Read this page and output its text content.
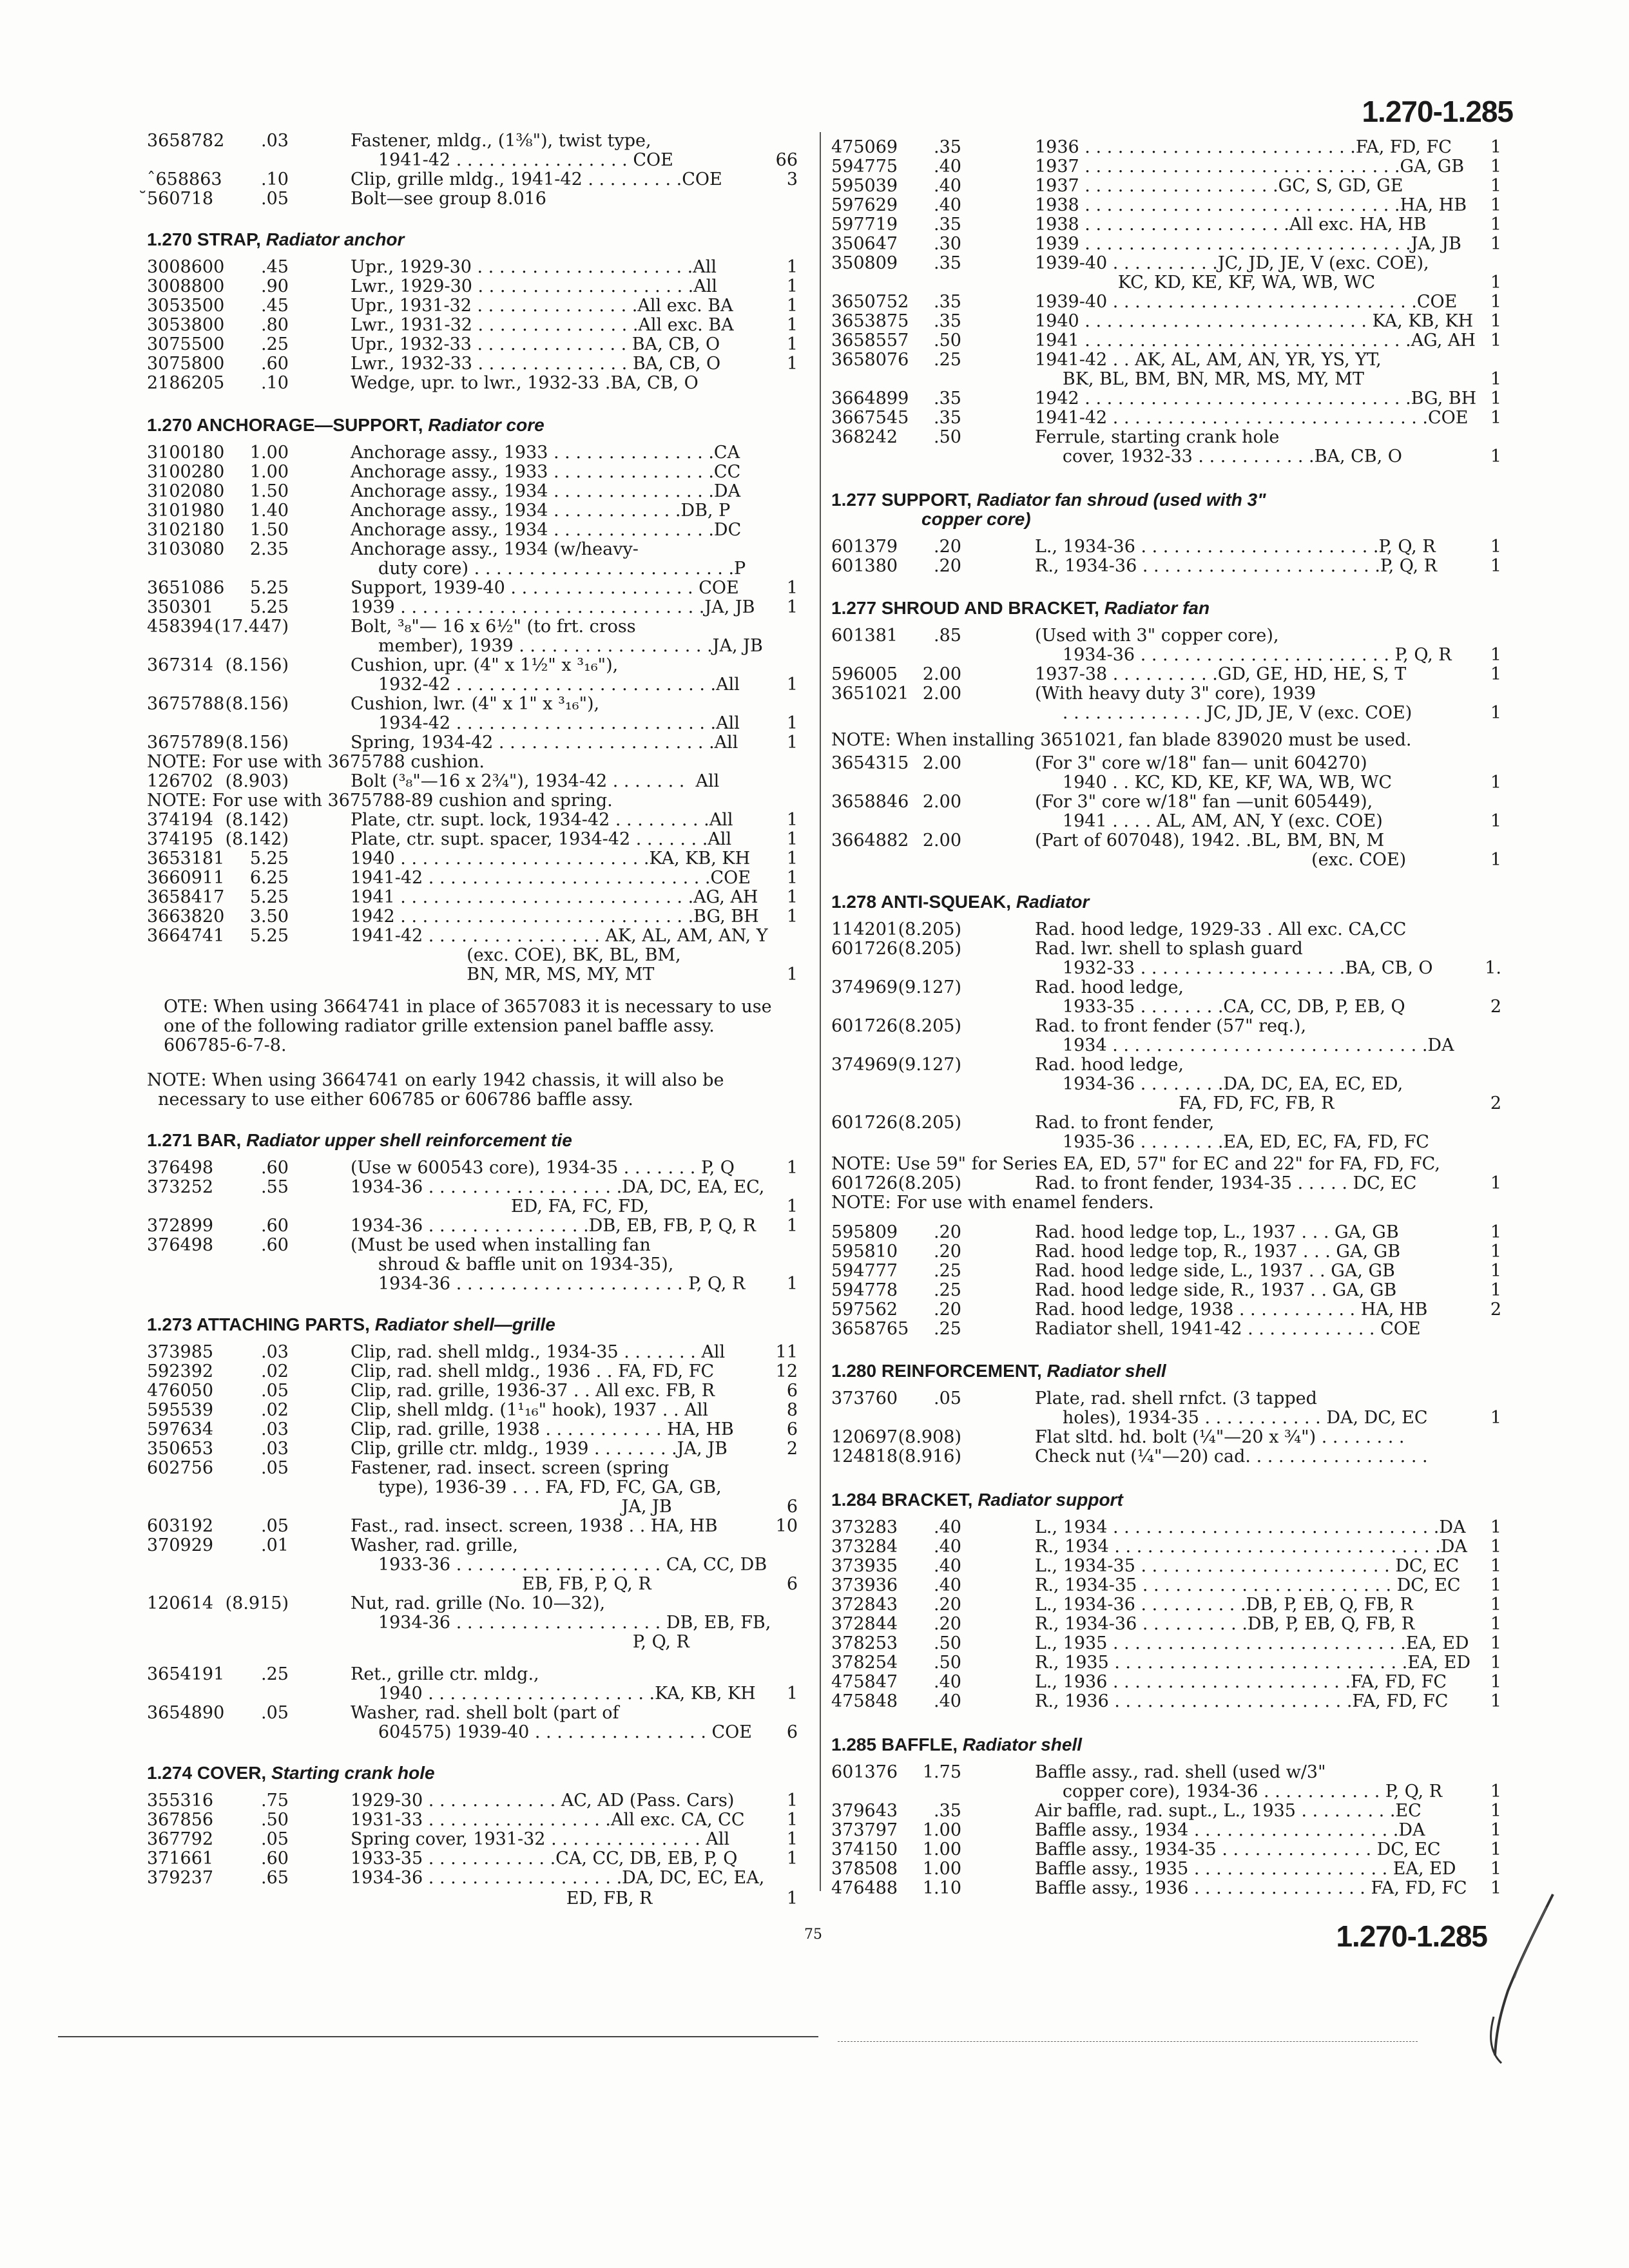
1.270-1.285
3658782	.03	Fastener, mldg., (1⅜"), twist type,
1941-42 . . . . . . . . . . . . . . . . COE	66
ˆ658863	.10	Clip, grille mldg., 1941-42 . . . . . . . . .COE	3
̆560718	.05	Bolt—see group 8.016
1.270 STRAP, Radiator anchor
3008600	.45	Upr., 1929-30 . . . . . . . . . . . . . . . . . . . .All	1
3008800	.90	Lwr., 1929-30 . . . . . . . . . . . . . . . . . . . .All	1
3053500	.45	Upr., 1931-32 . . . . . . . . . . . . . . .All exc. BA	1
3053800	.80	Lwr., 1931-32 . . . . . . . . . . . . . . .All exc. BA	1
3075500	.25	Upr., 1932-33 . . . . . . . . . . . . . . BA, CB, O	1
3075800	.60	Lwr., 1932-33 . . . . . . . . . . . . . . BA, CB, O	1
2186205	.10	Wedge, upr. to lwr., 1932-33 .BA, CB, O
1.270 ANCHORAGE—SUPPORT, Radiator core
3100180	1.00	Anchorage assy., 1933 . . . . . . . . . . . . . . .CA
3100280	1.00	Anchorage assy., 1933 . . . . . . . . . . . . . . .CC
3102080	1.50	Anchorage assy., 1934 . . . . . . . . . . . . . . .DA
3101980	1.40	Anchorage assy., 1934 . . . . . . . . . . . .DB, P
3102180	1.50	Anchorage assy., 1934 . . . . . . . . . . . . . . .DC
3103080	2.35	Anchorage assy., 1934 (w/heavy-
duty core) . . . . . . . . . . . . . . . . . . . . . . . .P
3651086	5.25	Support, 1939-40 . . . . . . . . . . . . . . . . . COE	1
350301	5.25	1939 . . . . . . . . . . . . . . . . . . . . . . . . . . . .JA, JB	1
458394 (17.447)	Bolt, ³₈"— 16 x 6½" (to frt. cross
member), 1939 . . . . . . . . . . . . . . . . . .JA, JB
367314 (8.156)	Cushion, upr. (4" x 1½" x ³₁₆"),
1932-42 . . . . . . . . . . . . . . . . . . . . . . . .All	1
3675788 (8.156)	Cushion, lwr. (4" x 1" x ³₁₆"),
1934-42 . . . . . . . . . . . . . . . . . . . . . . . .All	1
3675789 (8.156)	Spring, 1934-42 . . . . . . . . . . . . . . . . . . . .All	1
NOTE: For use with 3675788 cushion.
126702 (8.903)	Bolt (³₈"—16 x 2¾"), 1934-42 . . . . . . .  All
NOTE: For use with 3675788-89 cushion and spring.
374194 (8.142)	Plate, ctr. supt. lock, 1934-42 . . . . . . . . .All	1
374195 (8.142)	Plate, ctr. supt. spacer, 1934-42 . . . . . . .All	1
3653181	5.25	1940 . . . . . . . . . . . . . . . . . . . . . . .KA, KB, KH	1
3660911	6.25	1941-42 . . . . . . . . . . . . . . . . . . . . . . . . . .COE	1
3658417	5.25	1941 . . . . . . . . . . . . . . . . . . . . . . . . . . .AG, AH	1
3663820	3.50	1942 . . . . . . . . . . . . . . . . . . . . . . . . . . .BG, BH	1
3664741	5.25	1941-42 . . . . . . . . . . . . . . . . AK, AL, AM, AN, Y
(exc. COE), BK, BL, BM,
BN, MR, MS, MY, MT	1
OTE: When using 3664741 in place of 3657083 it is necessary to use
one of the following radiator grille extension panel baffle assy.
606785-6-7-8.
NOTE: When using 3664741 on early 1942 chassis, it will also be
necessary to use either 606785 or 606786 baffle assy.
1.271 BAR, Radiator upper shell reinforcement tie
376498	.60	(Use w 600543 core), 1934-35 . . . . . . . P, Q	1
373252	.55	1934-36 . . . . . . . . . . . . . . . . . .DA, DC, EA, EC,
ED, FA, FC, FD,	1
372899	.60	1934-36 . . . . . . . . . . . . . . .DB, EB, FB, P, Q, R	1
376498	.60	(Must be used when installing fan
shroud & baffle unit on 1934-35),
1934-36 . . . . . . . . . . . . . . . . . . . . . P, Q, R	1
1.273 ATTACHING PARTS, Radiator shell—grille
373985	.03	Clip, rad. shell mldg., 1934-35 . . . . . . . All	11
592392	.02	Clip, rad. shell mldg., 1936 . . FA, FD, FC	12
476050	.05	Clip, rad. grille, 1936-37 . . All exc. FB, R	6
595539	.02	Clip, shell mldg. (1¹₁₆" hook), 1937 . . All	8
597634	.03	Clip, rad. grille, 1938 . . . . . . . . . . . HA, HB	6
350653	.03	Clip, grille ctr. mldg., 1939 . . . . . . . .JA, JB	2
602756	.05	Fastener, rad. insect. screen (spring
type), 1936-39 . . . FA, FD, FC, GA, GB,
JA, JB	6
603192	.05	Fast., rad. insect. screen, 1938 . . HA, HB	10
370929	.01	Washer, rad. grille,
1933-36 . . . . . . . . . . . . . . . . . . . CA, CC, DB
EB, FB, P, Q, R	6
120614 (8.915)	Nut, rad. grille (No. 10—32),
1934-36 . . . . . . . . . . . . . . . . . . . DB, EB, FB,
P, Q, R
3654191	.25	Ret., grille ctr. mldg.,
1940 . . . . . . . . . . . . . . . . . . . . .KA, KB, KH	1
3654890	.05	Washer, rad. shell bolt (part of
604575) 1939-40 . . . . . . . . . . . . . . . . COE	6
1.274 COVER, Starting crank hole
355316	.75	1929-30 . . . . . . . . . . . . AC, AD (Pass. Cars)	1
367856	.50	1931-33 . . . . . . . . . . . . . . . . .All exc. CA, CC	1
367792	.05	Spring cover, 1931-32 . . . . . . . . . . . . . . All	1
371661	.60	1933-35 . . . . . . . . . . . .CA, CC, DB, EB, P, Q	1
379237	.65	1934-36 . . . . . . . . . . . . . . . . . .DA, DC, EC, EA,
ED, FB, R	1
475069	.35	1936 . . . . . . . . . . . . . . . . . . . . . . . . .FA, FD, FC	1
594775	.40	1937 . . . . . . . . . . . . . . . . . . . . . . . . . . . . .GA, GB	1
595039	.40	1937 . . . . . . . . . . . . . . . . . .GC, S, GD, GE	1
597629	.40	1938 . . . . . . . . . . . . . . . . . . . . . . . . . . . . .HA, HB	1
597719	.35	1938 . . . . . . . . . . . . . . . . . . .All exc. HA, HB	1
350647	.30	1939 . . . . . . . . . . . . . . . . . . . . . . . . . . . . . .JA, JB	1
350809	.35	1939-40 . . . . . . . . . .JC, JD, JE, V (exc. COE),
KC, KD, KE, KF, WA, WB, WC	1
3650752	.35	1939-40 . . . . . . . . . . . . . . . . . . . . . . . . . . . .COE	1
3653875	.35	1940 . . . . . . . . . . . . . . . . . . . . . . . . . . KA, KB, KH 1
3658557	.50	1941 . . . . . . . . . . . . . . . . . . . . . . . . . . . . . .AG, AH 1
3658076	.25	1941-42 . . AK, AL, AM, AN, YR, YS, YT,
BK, BL, BM, BN, MR, MS, MY, MT	1
3664899	.35	1942 . . . . . . . . . . . . . . . . . . . . . . . . . . . . . .BG, BH 1
3667545	.35	1941-42 . . . . . . . . . . . . . . . . . . . . . . . . . . . . .COE	1
368242	.50	Ferrule, starting crank hole
cover, 1932-33 . . . . . . . . . . .BA, CB, O	1
1.277 SUPPORT, Radiator fan shroud (used with 3"
copper core)
601379	.20	L., 1934-36 . . . . . . . . . . . . . . . . . . . . . .P, Q, R	1
601380	.20	R., 1934-36 . . . . . . . . . . . . . . . . . . . . . .P, Q, R	1
1.277 SHROUD AND BRACKET, Radiator fan
601381	.85	(Used with 3" copper core),
1934-36 . . . . . . . . . . . . . . . . . . . . . . . P, Q, R	1
596005	2.00	1937-38 . . . . . . . . . .GD, GE, HD, HE, S, T	1
3651021 2.00	(With heavy duty 3" core), 1939
. . . . . . . . . . . . . JC, JD, JE, V (exc. COE)	1
NOTE: When installing 3651021, fan blade 839020 must be used.
3654315 2.00	(For 3" core w/18" fan— unit 604270)
1940 . . KC, KD, KE, KF, WA, WB, WC	1
3658846 2.00	(For 3" core w/18" fan —unit 605449),
1941 . . . . AL, AM, AN, Y (exc. COE)	1
3664882 2.00	(Part of 607048), 1942. .BL, BM, BN, M
(exc. COE)	1
1.278 ANTI-SQUEAK, Radiator
114201 (8.205)	Rad. hood ledge, 1929-33 . All exc. CA,CC
601726 (8.205)	Rad. lwr. shell to splash guard
1932-33 . . . . . . . . . . . . . . . . . . .BA, CB, O	1.
374969 (9.127)	Rad. hood ledge,
1933-35 . . . . . . . .CA, CC, DB, P, EB, Q	2
601726 (8.205)	Rad. to front fender (57" req.),
1934 . . . . . . . . . . . . . . . . . . . . . . . . . . . . .DA
374969 (9.127)	Rad. hood ledge,
1934-36 . . . . . . . .DA, DC, EA, EC, ED,
FA, FD, FC, FB, R	2
601726 (8.205)	Rad. to front fender,
1935-36 . . . . . . . .EA, ED, EC, FA, FD, FC
NOTE: Use 59" for Series EA, ED, 57" for EC and 22" for FA, FD, FC,
601726 (8.205)	Rad. to front fender, 1934-35 . . . . . DC, EC	1
NOTE: For use with enamel fenders.
595809	.20	Rad. hood ledge top, L., 1937 . . . GA, GB	1
595810	.20	Rad. hood ledge top, R., 1937 . . . GA, GB	1
594777	.25	Rad. hood ledge side, L., 1937 . . GA, GB	1
594778	.25	Rad. hood ledge side, R., 1937 . . GA, GB	1
597562	.20	Rad. hood ledge, 1938 . . . . . . . . . . . HA, HB	2
3658765	.25	Radiator shell, 1941-42 . . . . . . . . . . . . COE
1.280 REINFORCEMENT, Radiator shell
373760	.05	Plate, rad. shell rnfct. (3 tapped
holes), 1934-35 . . . . . . . . . . . DA, DC, EC	1
120697 (8.908)	Flat sltd. hd. bolt (¼"—20 x ¾") . . . . . . . .
124818 (8.916)	Check nut (¼"—20) cad. . . . . . . . . . . . . . . . .
1.284 BRACKET, Radiator support
373283	.40	L., 1934 . . . . . . . . . . . . . . . . . . . . . . . . . . . . . .DA	1
373284	.40	R., 1934 . . . . . . . . . . . . . . . . . . . . . . . . . . . . . .DA	1
373935	.40	L., 1934-35 . . . . . . . . . . . . . . . . . . . . . . . DC, EC	1
373936	.40	R., 1934-35 . . . . . . . . . . . . . . . . . . . . . . . DC, EC	1
372843	.20	L., 1934-36 . . . . . . . . . .DB, P, EB, Q, FB, R	1
372844	.20	R., 1934-36 . . . . . . . . . .DB, P, EB, Q, FB, R	1
378253	.50	L., 1935 . . . . . . . . . . . . . . . . . . . . . . . . . . .EA, ED	1
378254	.50	R., 1935 . . . . . . . . . . . . . . . . . . . . . . . . . . .EA, ED	1
475847	.40	L., 1936 . . . . . . . . . . . . . . . . . . . . . .FA, FD, FC	1
475848	.40	R., 1936 . . . . . . . . . . . . . . . . . . . . . .FA, FD, FC	1
1.285 BAFFLE, Radiator shell
601376	1.75	Baffle assy., rad. shell (used w/3"
copper core), 1934-36 . . . . . . . . . . . P, Q, R	1
379643	.35	Air baffle, rad. supt., L., 1935 . . . . . . . . .EC	1
373797	1.00	Baffle assy., 1934 . . . . . . . . . . . . . . . . . . .DA	1
374150	1.00	Baffle assy., 1934-35 . . . . . . . . . . . . . . DC, EC	1
378508	1.00	Baffle assy., 1935 . . . . . . . . . . . . . . . . . . EA, ED	1
476488	1.10	Baffle assy., 1936 . . . . . . . . . . . . . . . . FA, FD, FC	1
75	1.270-1.285
